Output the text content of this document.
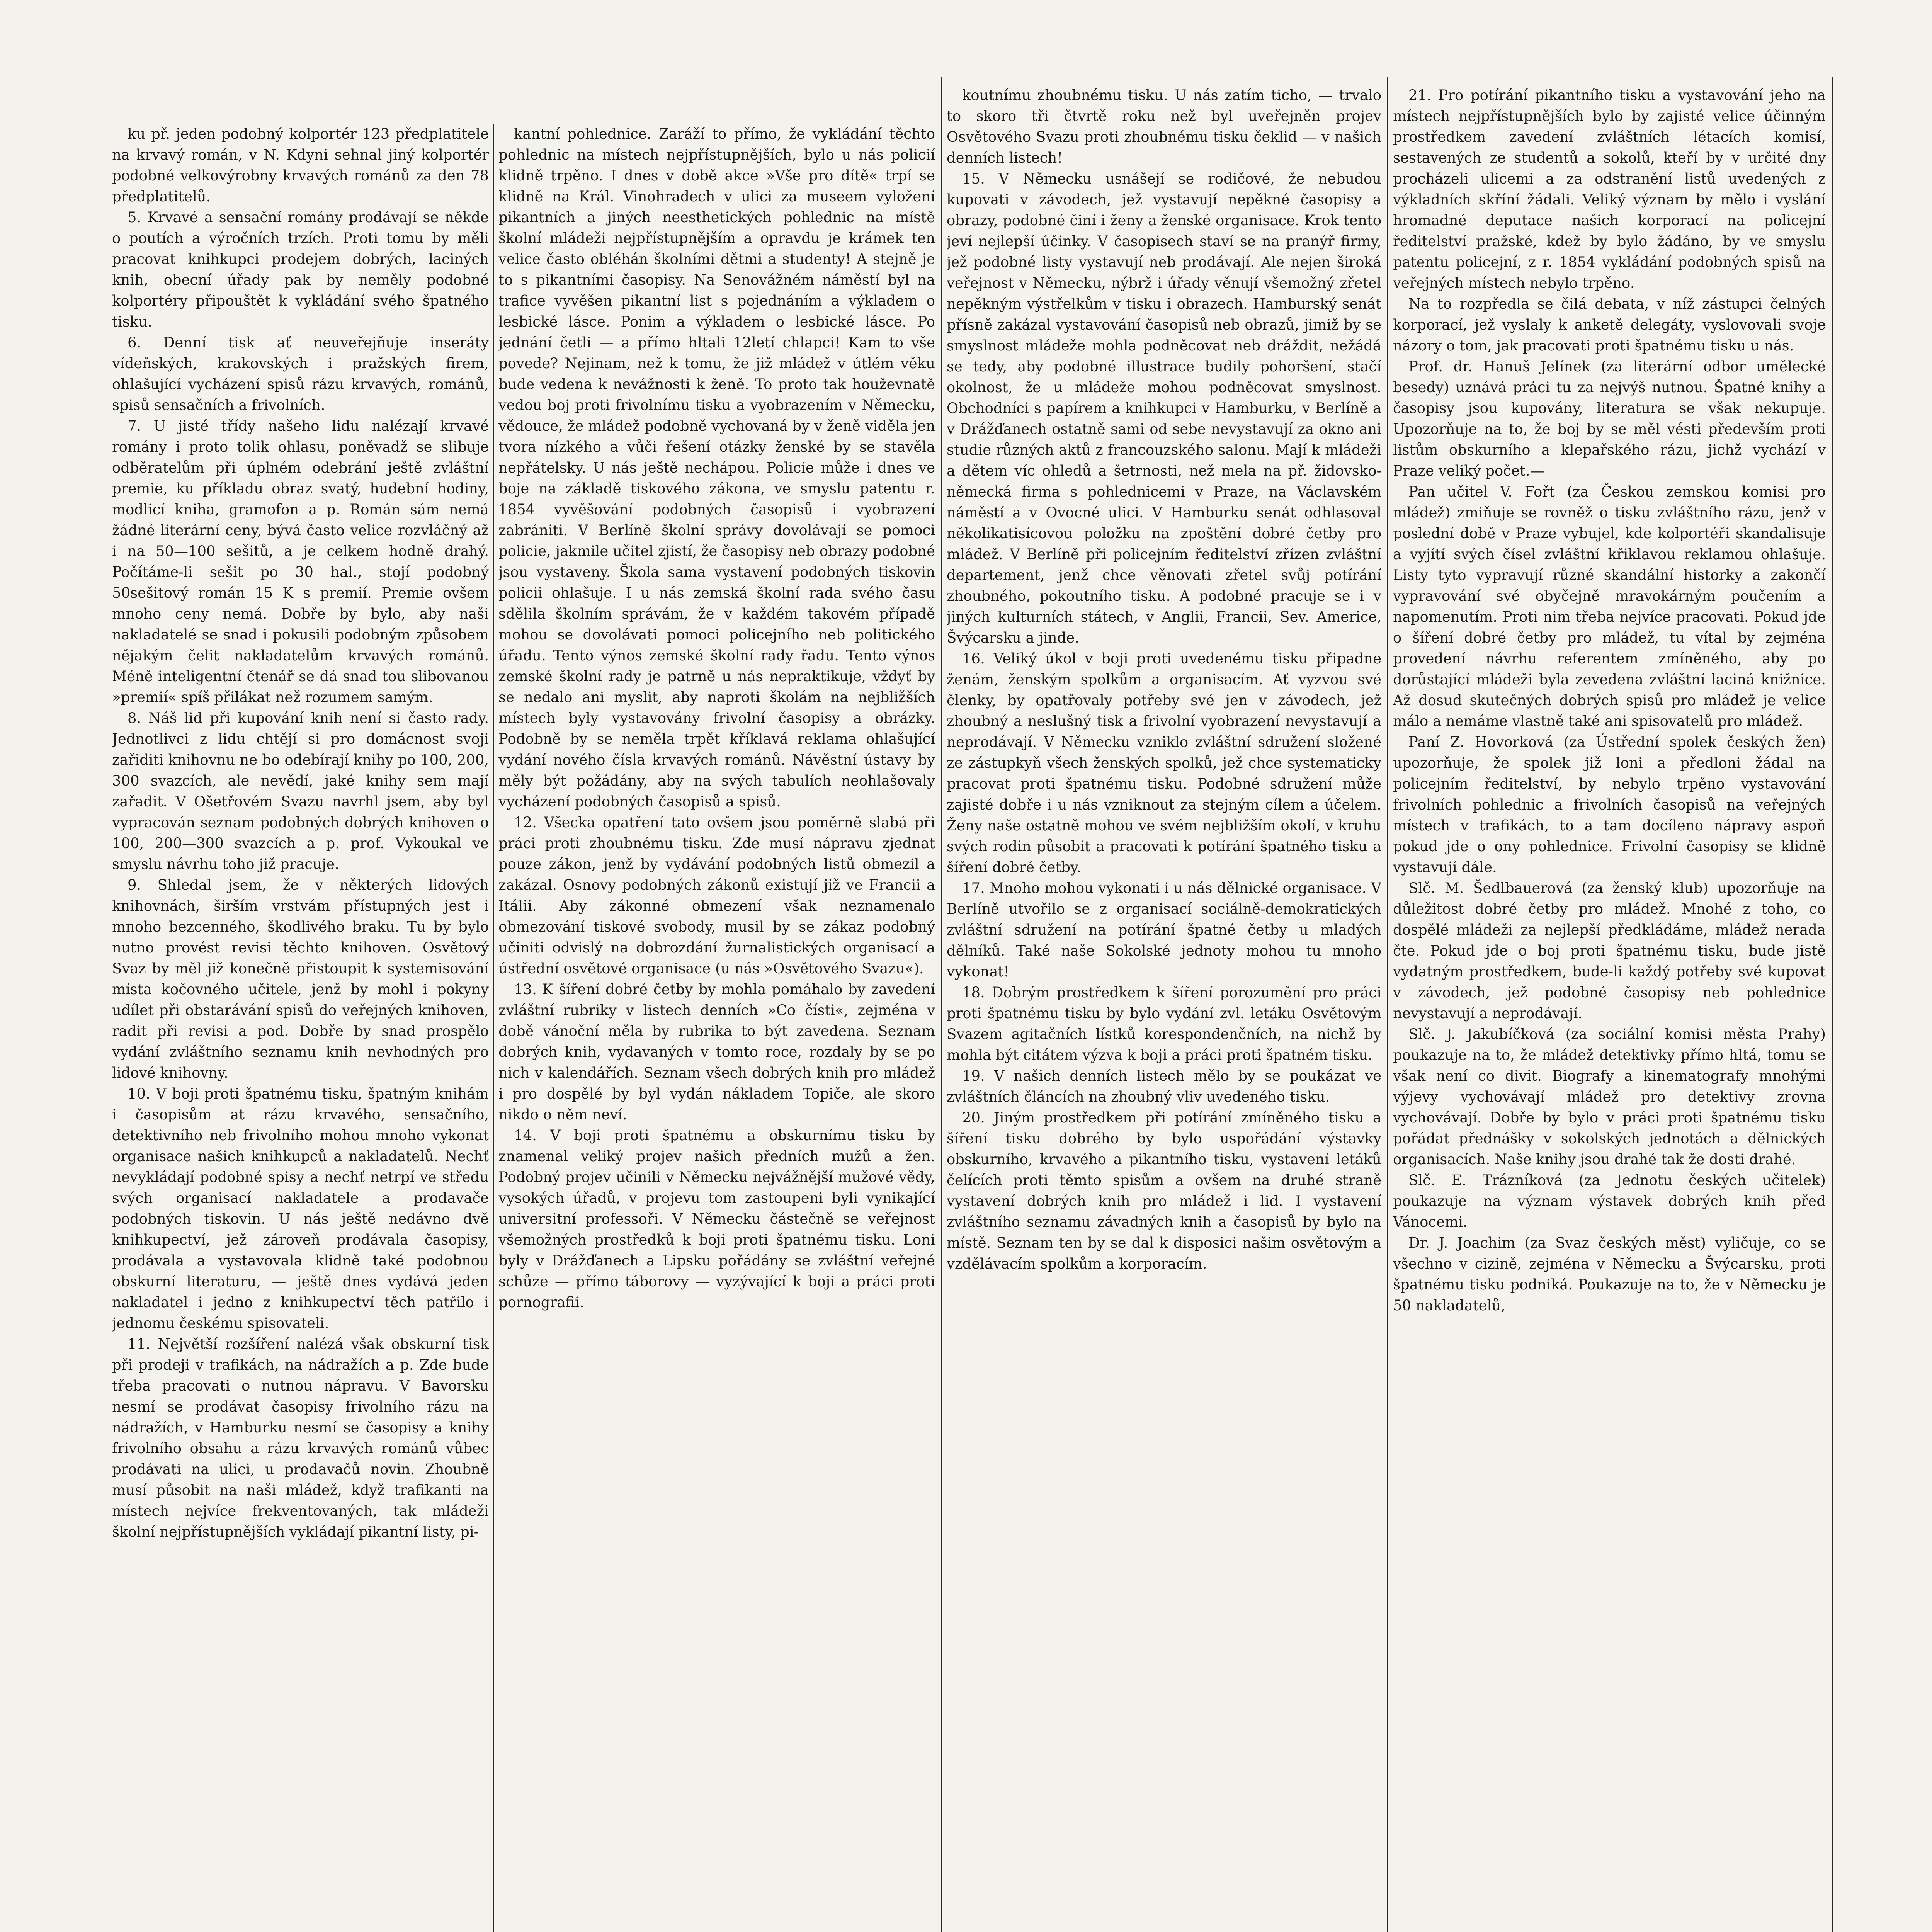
ku př. jeden podobný kolportér 123 předplatitele na krvavý román, v N. Kdyni sehnal jiný kolportér podobné velkovýrobny krvavých románů za den 78 předplatitelů.

5. Krvavé a sensační romány prodávají se někde o poutích a výročních trzích. Proti tomu by měli pracovat knihkupci prodejem dobrých, laciných knih, obecní úřady pak by neměly podobné kolportéry připouštět k vykládání svého špatného tisku.

6. Denní tisk ať neuveřejňuje inseráty vídeňských, krakovských i pražských firem, ohlašující vycházení spisů rázu krvavých, románů, spisů sensačních a frivolních.

7. U jisté třídy našeho lidu nalézají krvavé romány i proto tolik ohlasu, poněvadž se slibuje odběratelům při úplném odebrání ještě zvláštní premie, ku příkladu obraz svatý, hudební hodiny, modlicí kniha, gramofon a p. Román sám nemá žádné literární ceny, bývá často velice rozvláčný až i na 50—100 sešitů, a je celkem hodně drahý. Počítáme-li sešit po 30 hal., stojí podobný 50sešitový román 15 K s premií. Premie ovšem mnoho ceny nemá. Dobře by bylo, aby naši nakladatelé se snad i pokusili podobným způsobem nějakým čelit nakladatelům krvavých románů. Méně inteligentní čtenář se dá snad tou slibovanou »premií« spíš přilákat než rozumem samým.

8. Náš lid při kupování knih není si často rady. Jednotlivci z lidu chtějí si pro domácnost svoji zařiditi knihovnu ne bo odebírají knihy po 100, 200, 300 svazcích, ale nevědí, jaké knihy sem mají zařadit. V Ošetřovém Svazu navrhl jsem, aby byl vypracován seznam podobných dobrých knihoven o 100, 200—300 svazcích a p. prof. Vykoukal ve smyslu návrhu toho již pracuje.

9. Shledal jsem, že v některých lidových knihovnách, širším vrstvám přístupných jest i mnoho bezcenného, škodlivého braku. Tu by bylo nutno provést revisi těchto knihoven. Osvětový Svaz by měl již konečně přistoupit k systemisování místa kočovného učitele, jenž by mohl i pokyny udílet při obstarávání spisů do veřejných knihoven, radit při revisi a pod. Dobře by snad prospělo vydání zvláštního seznamu knih nevhodných pro lidové knihovny.

10. V boji proti špatnému tisku, špatným knihám i časopisům at rázu krvavého, sensačního, detektivního neb frivolního mohou mnoho vykonat organisace našich knihkupců a nakladatelů. Nechť nevykládají podobné spisy a nechť netrpí ve středu svých organisací nakladatele a prodavače podobných tiskovin. U nás ještě nedávno dvě knihkupectví, jež zároveň prodávala časopisy, prodávala a vystavovala klidně také podobnou obskurní literaturu, — ještě dnes vydává jeden nakladatel i jedno z knihkupectví těch patřilo i jednomu českému spisovateli.

11. Největší rozšíření nalézá však obskurní tisk při prodeji v trafikách, na nádražích a p. Zde bude třeba pracovati o nutnou nápravu. V Bavorsku nesmí se prodávat časopisy frivolního rázu na nádražích, v Hamburku nesmí se časopisy a knihy frivolního obsahu a rázu krvavých románů vůbec prodávati na ulici, u prodavačů novin. Zhoubně musí působit na naši mládež, když trafikanti na místech nejvíce frekventovaných, tak mládeži školní nejpřístupnějších vykládají pikantní listy, pi-

kantní pohlednice. Zaráží to přímo, že vykládání těchto pohlednic na místech nejpřístupnějších, bylo u nás policií klidně trpěno. I dnes v době akce »Vše pro dítě« trpí se klidně na Král. Vinohradech v ulici za museem vyložení pikantních a jiných neesthetických pohlednic na místě školní mládeži nejpřístupnějším a opravdu je krámek ten velice často obléhán školními dětmi a studenty! A stejně je to s pikantními časopisy. Na Senovážném náměstí byl na trafice vyvěšen pikantní list s pojednáním a výkladem o lesbické lásce. Ponim a výkladem o lesbické lásce. Po jednání četli — a přímo hltali 12letí chlapci! Kam to vše povede? Nejinam, než k tomu, že již mládež v útlém věku bude vedena k nevážnosti k ženě. To proto tak houževnatě vedou boj proti frivolnímu tisku a vyobrazením v Německu, vědouce, že mládež podobně vychovaná by v ženě viděla jen tvora nízkého a vůči řešení otázky ženské by se stavěla nepřátelsky. U nás ještě nechápou. Policie může i dnes ve boje na základě tiskového zákona, ve smyslu patentu r. 1854 vyvěšování podobných časopisů i vyobrazení zabrániti. V Berlíně školní správy dovolávají se pomoci policie, jakmile učitel zjistí, že časopisy neb obrazy podobné jsou vystaveny. Škola sama vystavení podobných tiskovin policii ohlašuje. I u nás zemská školní rada svého času sdělila školním správám, že v každém takovém případě mohou se dovolávati pomoci policejního neb politického úřadu. Tento výnos zemské školní rady řadu. Tento výnos zemské školní rady je patrně u nás nepraktikuje, vždyť by se nedalo ani myslit, aby naproti školám na nejbližších místech byly vystavovány frivolní časopisy a obrázky. Podobně by se neměla trpět kříklavá reklama ohlašující vydání nového čísla krvavých románů. Návěstní ústavy by měly být požádány, aby na svých tabulích neohlašovaly vycházení podobných časopisů a spisů.

12. Všecka opatření tato ovšem jsou poměrně slabá při práci proti zhoubnému tisku. Zde musí nápravu zjednat pouze zákon, jenž by vydávání podobných listů obmezil a zakázal. Osnovy podobných zákonů existují již ve Francii a Itálii. Aby zákonné obmezení však neznamenalo obmezování tiskové svobody, musil by se zákaz podobný učiniti odvislý na dobrozdání žurnalistických organisací a ústřední osvětové organisace (u nás »Osvětového Svazu«).

13. K šíření dobré četby by mohla pomáhalo by zavedení zvláštní rubriky v listech denních »Co čísti«, zejména v době vánoční měla by rubrika to být zavedena. Seznam dobrých knih, vydavaných v tomto roce, rozdaly by se po nich v kalendářích. Seznam všech dobrých knih pro mládež i pro dospělé by byl vydán nákladem Topiče, ale skoro nikdo o něm neví.

14. V boji proti špatnému a obskurnímu tisku by znamenal veliký projev našich předních mužů a žen. Podobný projev učinili v Německu nejvážnější mužové vědy, vysokých úřadů, v projevu tom zastoupeni byli vynikající universitní professoři. V Německu částečně se veřejnost všemožných prostředků k boji proti špatnému tisku. Loni byly v Drážďanech a Lipsku pořádány se zvláštní veřejné schůze — přímo táborovy — vyzývající k boji a práci proti pornografii.

koutnímu zhoubnému tisku. U nás zatím ticho, — trvalo to skoro tři čtvrtě roku než byl uveřejněn projev Osvětového Svazu proti zhoubnému tisku čeklid — v našich denních listech!

15. V Německu usnášejí se rodičové, že nebudou kupovati v závodech, jež vystavují nepěkné časopisy a obrazy, podobné činí i ženy a ženské organisace. Krok tento jeví nejlepší účinky. V časopisech staví se na pranýř firmy, jež podobné listy vystavují neb prodávají. Ale nejen široká veřejnost v Německu, nýbrž i úřady věnují všemožný zřetel nepěkným výstřelkům v tisku i obrazech. Hamburský senát přísně zakázal vystavování časopisů neb obrazů, jimiž by se smyslnost mládeže mohla podněcovat neb dráždit, nežádá se tedy, aby podobné illustrace budily pohoršení, stačí okolnost, že u mládeže mohou podněcovat smyslnost. Obchodníci s papírem a knihkupci v Hamburku, v Berlíně a v Drážďanech ostatně sami od sebe nevystavují za okno ani studie různých aktů z francouzského salonu. Mají k mládeži a dětem víc ohledů a šetrnosti, než mela na př. židovsko-německá firma s pohlednicemi v Praze, na Václavském náměstí a v Ovocné ulici. V Hamburku senát odhlasoval několikatisícovou položku na zpoštění dobré četby pro mládež. V Berlíně při policejním ředitelství zřízen zvláštní departement, jenž chce věnovati zřetel svůj potírání zhoubného, pokoutního tisku. A podobné pracuje se i v jiných kulturních státech, v Anglii, Francii, Sev. Americe, Švýcarsku a jinde.

16. Veliký úkol v boji proti uvedenému tisku připadne ženám, ženským spolkům a organisacím. Ať vyzvou své členky, by opatřovaly potřeby své jen v závodech, jež zhoubný a neslušný tisk a frivolní vyobrazení nevystavují a neprodávají. V Německu vzniklo zvláštní sdružení složené ze zástupkyň všech ženských spolků, jež chce systematicky pracovat proti špatnému tisku. Podobné sdružení může zajisté dobře i u nás vzniknout za stejným cílem a účelem. Ženy naše ostatně mohou ve svém nejbližším okolí, v kruhu svých rodin působit a pracovati k potírání špatného tisku a šíření dobré četby.

17. Mnoho mohou vykonati i u nás dělnické organisace. V Berlíně utvořilo se z organisací sociálně-demokratických zvláštní sdružení na potírání špatné četby u mladých dělníků. Také naše Sokolské jednoty mohou tu mnoho vykonat!

18. Dobrým prostředkem k šíření porozumění pro práci proti špatnému tisku by bylo vydání zvl. letáku Osvětovým Svazem agitačních lístků korespondenčních, na nichž by mohla být citátem výzva k boji a práci proti špatném tisku.

19. V našich denních listech mělo by se poukázat ve zvláštních článcích na zhoubný vliv uvedeného tisku.

20. Jiným prostředkem při potírání zmíněného tisku a šíření tisku dobrého by bylo uspořádání výstavky obskurního, krvavého a pikantního tisku, vystavení letáků čelících proti těmto spisům a ovšem na druhé straně vystavení dobrých knih pro mládež i lid. I vystavení zvláštního seznamu závadných knih a časopisů by bylo na místě. Seznam ten by se dal k disposici našim osvětovým a vzdělávacím spolkům a korporacím.

21. Pro potírání pikantního tisku a vystavování jeho na místech nejpřístupnějších bylo by zajisté velice účinným prostředkem zavedení zvláštních létacích komisí, sestavených ze studentů a sokolů, kteří by v určité dny procházeli ulicemi a za odstranění listů uvedených z výkladních skříní žádali. Veliký význam by mělo i vyslání hromadné deputace našich korporací na policejní ředitelství pražské, kdež by bylo žádáno, by ve smyslu patentu policejní, z r. 1854 vykládání podobných spisů na veřejných místech nebylo trpěno.

Na to rozpředla se čilá debata, v níž zástupci čelných korporací, jež vyslaly k anketě delegáty, vyslovovali svoje názory o tom, jak pracovati proti špatnému tisku u nás.

Prof. dr. Hanuš Jelínek (za literární odbor umělecké besedy) uznává práci tu za nejvýš nutnou. Špatné knihy a časopisy jsou kupovány, literatura se však nekupuje. Upozorňuje na to, že boj by se měl vésti především proti listům obskurního a klepařského rázu, jichž vychází v Praze veliký počet.—

Pan učitel V. Fořt (za Českou zemskou komisi pro mládež) zmiňuje se rovněž o tisku zvláštního rázu, jenž v poslední době v Praze vybujel, kde kolportéři skandalisuje a vyjítí svých čísel zvláštní křiklavou reklamou ohlašuje. Listy tyto vypravují různé skandální historky a zakončí vypravování své obyčejně mravokárným poučením a napomenutím. Proti nim třeba nejvíce pracovati. Pokud jde o šíření dobré četby pro mládež, tu vítal by zejména provedení návrhu referentem zmíněného, aby po dorůstající mládeži byla zevedena zvláštní laciná knižnice. Až dosud skutečných dobrých spisů pro mládež je velice málo a nemáme vlastně také ani spisovatelů pro mládež.

Paní Z. Hovorková (za Ústřední spolek českých žen) upozorňuje, že spolek již loni a předloni žádal na policejním ředitelství, by nebylo trpěno vystavování frivolních pohlednic a frivolních časopisů na veřejných místech v trafikách, to a tam docíleno nápravy aspoň pokud jde o ony pohlednice. Frivolní časopisy se klidně vystavují dále.

Slč. M. Šedlbauerová (za ženský klub) upozorňuje na důležitost dobré četby pro mládež. Mnohé z toho, co dospělé mládeži za nejlepší předkládáme, mládež nerada čte. Pokud jde o boj proti špatnému tisku, bude jistě vydatným prostředkem, bude-li každý potřeby své kupovat v závodech, jež podobné časopisy neb pohlednice nevystavují a neprodávají.

Slč. J. Jakubíčková (za sociální komisi města Prahy) poukazuje na to, že mládež detektivky přímo hltá, tomu se však není co divit. Biografy a kinematografy mnohými výjevy vychovávají mládež pro detektivy zrovna vychovávají. Dobře by bylo v práci proti špatnému tisku pořádat přednášky v sokolských jednotách a dělnických organisacích. Naše knihy jsou drahé tak že dosti drahé.

Slč. E. Trázníková (za Jednotu českých učitelek) poukazuje na význam výstavek dobrých knih před Vánocemi.

Dr. J. Joachim (za Svaz českých měst) vyličuje, co se všechno v cizině, zejména v Německu a Švýcarsku, proti špatnému tisku podniká. Poukazuje na to, že v Německu je 50 nakladatelů,
